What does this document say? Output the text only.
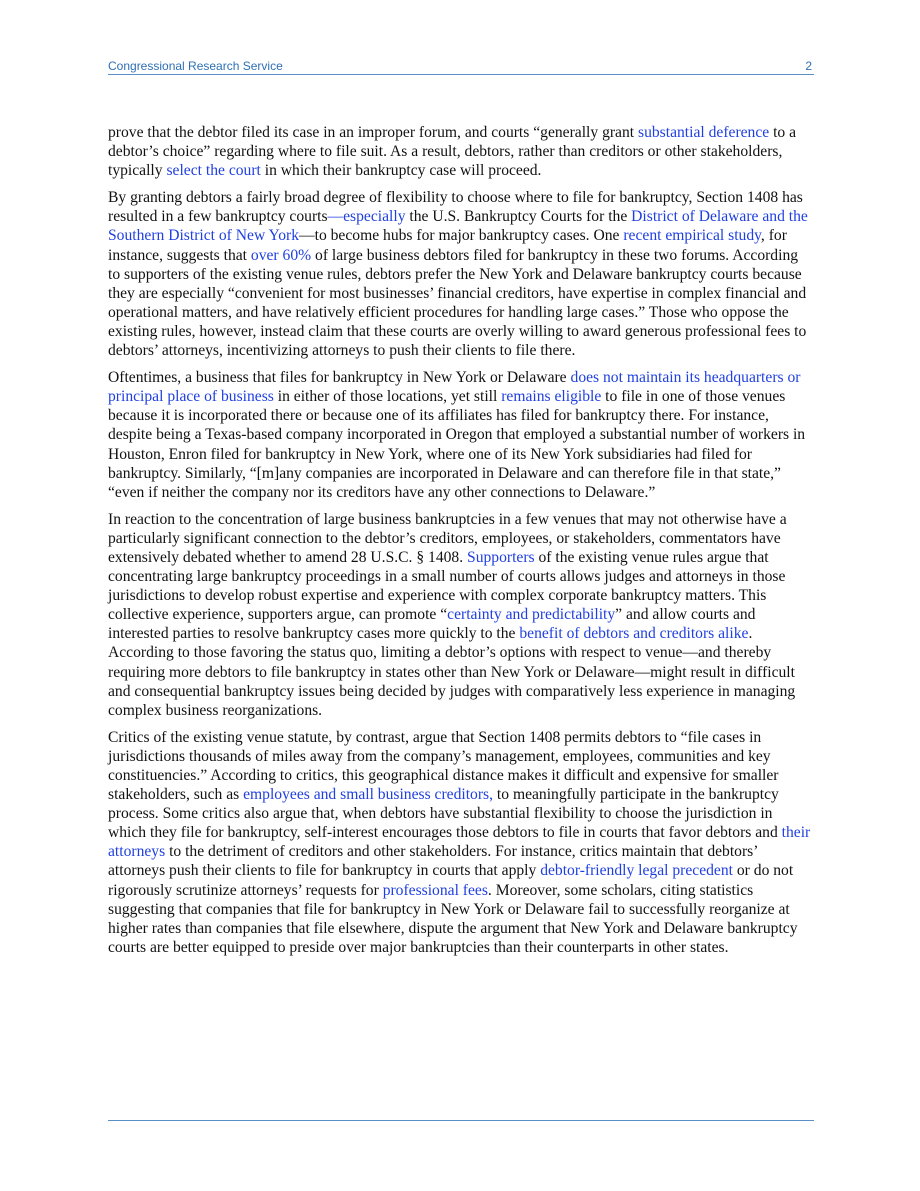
Congressional Research Service	2

prove that the debtor filed its case in an improper forum, and courts “generally grant substantial deference to a debtor’s choice” regarding where to file suit. As a result, debtors, rather than creditors or other stakeholders, typically select the court in which their bankruptcy case will proceed.

By granting debtors a fairly broad degree of flexibility to choose where to file for bankruptcy, Section 1408 has resulted in a few bankruptcy courts—especially the U.S. Bankruptcy Courts for the District of Delaware and the Southern District of New York—to become hubs for major bankruptcy cases. One recent empirical study, for instance, suggests that over 60% of large business debtors filed for bankruptcy in these two forums. According to supporters of the existing venue rules, debtors prefer the New York and Delaware bankruptcy courts because they are especially “convenient for most businesses’ financial creditors, have expertise in complex financial and operational matters, and have relatively efficient procedures for handling large cases.” Those who oppose the existing rules, however, instead claim that these courts are overly willing to award generous professional fees to debtors’ attorneys, incentivizing attorneys to push their clients to file there.

Oftentimes, a business that files for bankruptcy in New York or Delaware does not maintain its headquarters or principal place of business in either of those locations, yet still remains eligible to file in one of those venues because it is incorporated there or because one of its affiliates has filed for bankruptcy there. For instance, despite being a Texas-based company incorporated in Oregon that employed a substantial number of workers in Houston, Enron filed for bankruptcy in New York, where one of its New York subsidiaries had filed for bankruptcy. Similarly, “[m]any companies are incorporated in Delaware and can therefore file in that state,” “even if neither the company nor its creditors have any other connections to Delaware.”

In reaction to the concentration of large business bankruptcies in a few venues that may not otherwise have a particularly significant connection to the debtor’s creditors, employees, or stakeholders, commentators have extensively debated whether to amend 28 U.S.C. § 1408. Supporters of the existing venue rules argue that concentrating large bankruptcy proceedings in a small number of courts allows judges and attorneys in those jurisdictions to develop robust expertise and experience with complex corporate bankruptcy matters. This collective experience, supporters argue, can promote “certainty and predictability” and allow courts and interested parties to resolve bankruptcy cases more quickly to the benefit of debtors and creditors alike. According to those favoring the status quo, limiting a debtor’s options with respect to venue—and thereby requiring more debtors to file bankruptcy in states other than New York or Delaware—might result in difficult and consequential bankruptcy issues being decided by judges with comparatively less experience in managing complex business reorganizations.

Critics of the existing venue statute, by contrast, argue that Section 1408 permits debtors to “file cases in jurisdictions thousands of miles away from the company’s management, employees, communities and key constituencies.” According to critics, this geographical distance makes it difficult and expensive for smaller stakeholders, such as employees and small business creditors, to meaningfully participate in the bankruptcy process. Some critics also argue that, when debtors have substantial flexibility to choose the jurisdiction in which they file for bankruptcy, self-interest encourages those debtors to file in courts that favor debtors and their attorneys to the detriment of creditors and other stakeholders. For instance, critics maintain that debtors’ attorneys push their clients to file for bankruptcy in courts that apply debtor-friendly legal precedent or do not rigorously scrutinize attorneys’ requests for professional fees. Moreover, some scholars, citing statistics suggesting that companies that file for bankruptcy in New York or Delaware fail to successfully reorganize at higher rates than companies that file elsewhere, dispute the argument that New York and Delaware bankruptcy courts are better equipped to preside over major bankruptcies than their counterparts in other states.
